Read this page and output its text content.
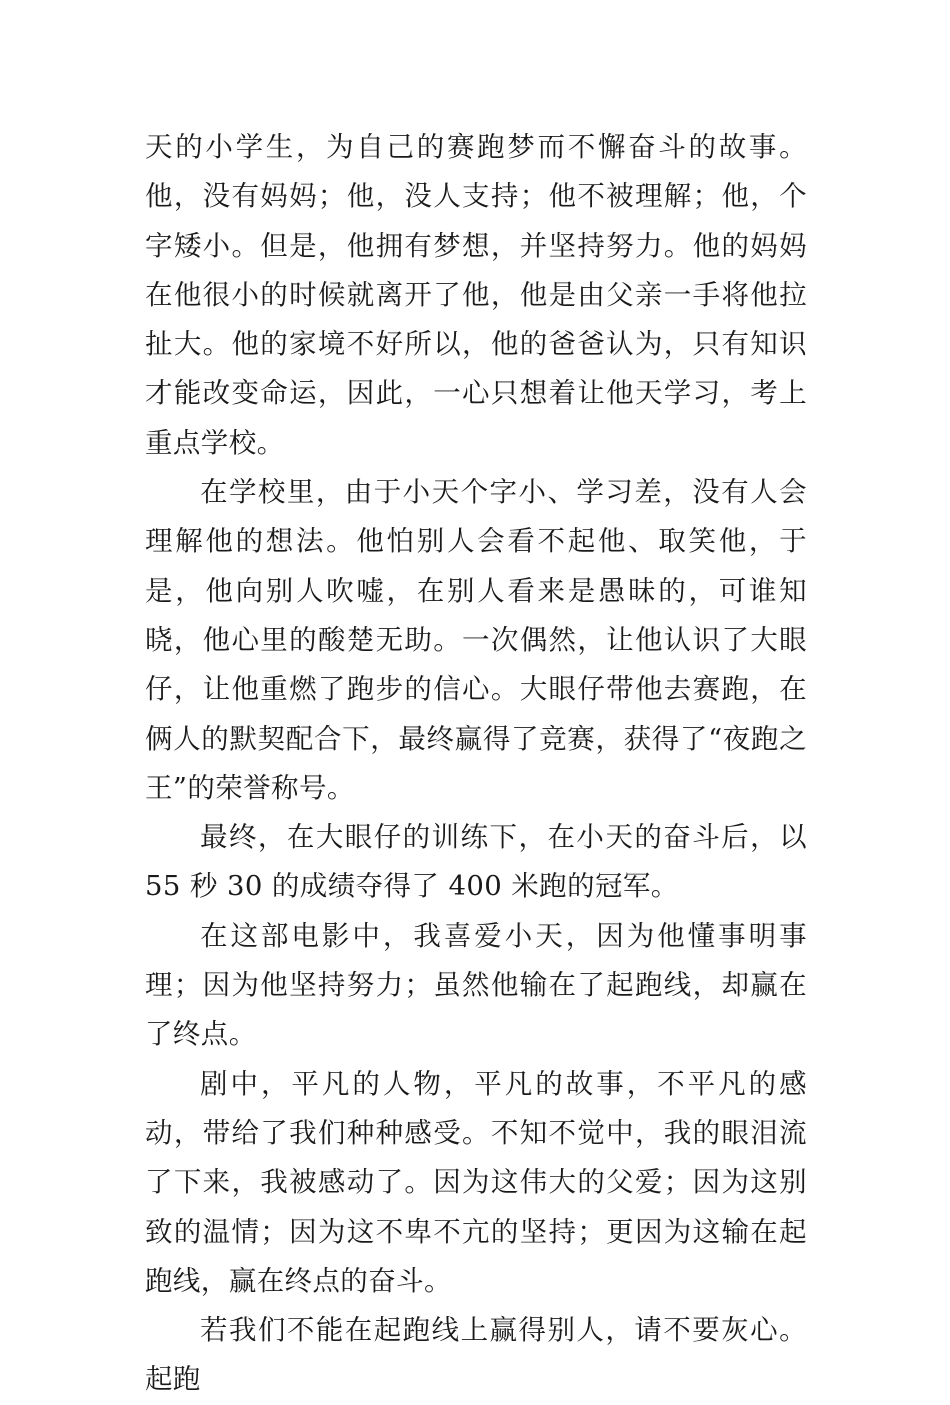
天的小学生，为自己的赛跑梦而不懈奋斗的故事。他，没有妈妈；他，没人支持；他不被理解；他，个字矮小。但是，他拥有梦想，并坚持努力。他的妈妈在他很小的时候就离开了他，他是由父亲一手将他拉扯大。他的家境不好所以，他的爸爸认为，只有知识才能改变命运，因此，一心只想着让他天学习，考上重点学校。

在学校里，由于小天个字小、学习差，没有人会理解他的想法。他怕别人会看不起他、取笑他，于是，他向别人吹嘘，在别人看来是愚昧的，可谁知晓，他心里的酸楚无助。一次偶然，让他认识了大眼仔，让他重燃了跑步的信心。大眼仔带他去赛跑，在俩人的默契配合下，最终赢得了竞赛，获得了“夜跑之王”的荣誉称号。

最终，在大眼仔的训练下，在小天的奋斗后，以 55 秒 30 的成绩夺得了 400 米跑的冠军。

在这部电影中，我喜爱小天，因为他懂事明事理；因为他坚持努力；虽然他输在了起跑线，却赢在了终点。

剧中，平凡的人物，平凡的故事，不平凡的感动，带给了我们种种感受。不知不觉中，我的眼泪流了下来，我被感动了。因为这伟大的父爱；因为这别致的温情；因为这不卑不亢的坚持；更因为这输在起跑线，赢在终点的奋斗。

若我们不能在起跑线上赢得别人，请不要灰心。起跑
